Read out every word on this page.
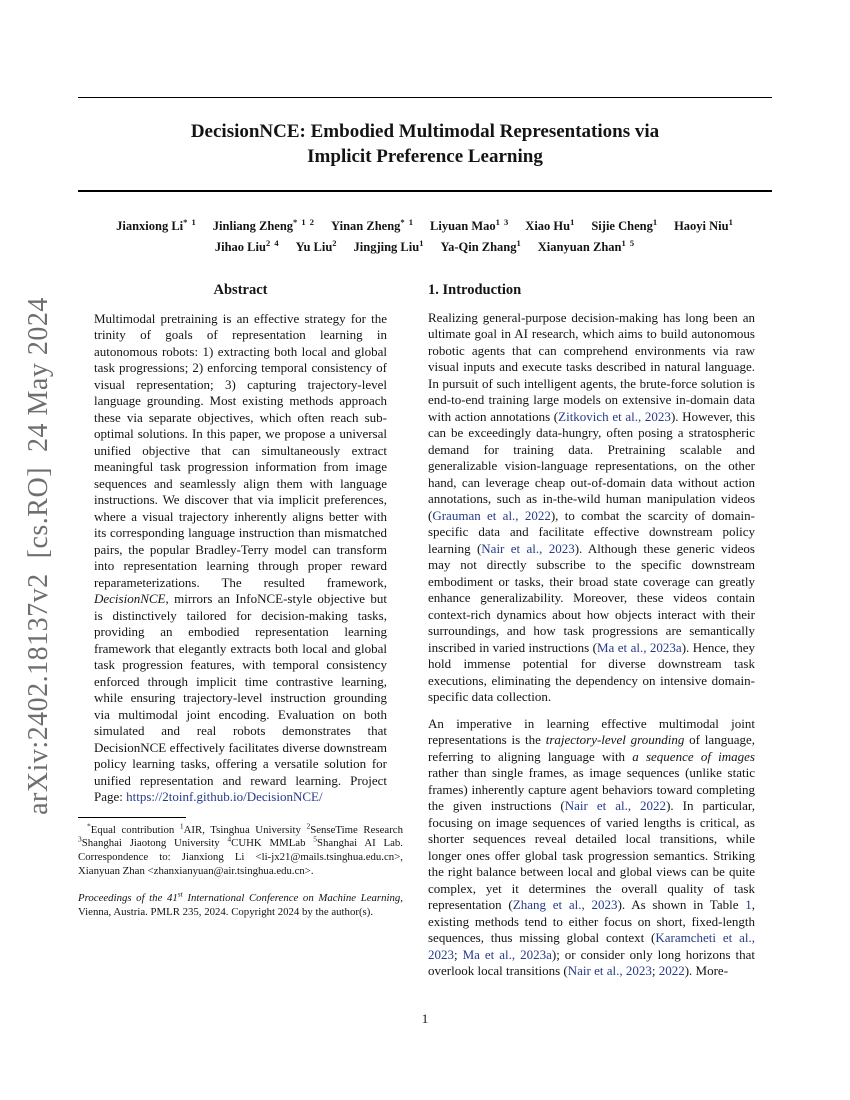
arXiv:2402.18137v2  [cs.RO]  24 May 2024
DecisionNCE: Embodied Multimodal Representations via
Implicit Preference Learning
Jianxiong Li$^{* 1}$ Jinliang Zheng$^{* 1 2}$ Yinan Zheng$^{* 1}$ Liyuan Mao$^{1 3}$ Xiao Hu$^1$ Sijie Cheng$^1$ Haoyi Niu$^1$
Jihao Liu$^{2 4}$ Yu Liu$^2$ Jingjing Liu$^1$ Ya-Qin Zhang$^1$ Xianyuan Zhan$^{1 5}$
Abstract
Multimodal pretraining is an effective strategy for the trinity of goals of representation learning in autonomous robots: 1) extracting both local and global task progressions; 2) enforcing temporal consistency of visual representation; 3) capturing trajectory-level language grounding. Most existing methods approach these via separate objectives, which often reach sub-optimal solutions. In this paper, we propose a universal unified objective that can simultaneously extract meaningful task progression information from image sequences and seamlessly align them with language instructions. We discover that via implicit preferences, where a visual trajectory inherently aligns better with its corresponding language instruction than mismatched pairs, the popular Bradley-Terry model can transform into representation learning through proper reward reparameterizations. The resulted framework, DecisionNCE, mirrors an InfoNCE-style objective but is distinctively tailored for decision-making tasks, providing an embodied representation learning framework that elegantly extracts both local and global task progression features, with temporal consistency enforced through implicit time contrastive learning, while ensuring trajectory-level instruction grounding via multimodal joint encoding. Evaluation on both simulated and real robots demonstrates that DecisionNCE effectively facilitates diverse downstream policy learning tasks, offering a versatile solution for unified representation and reward learning. Project Page: https://2toinf.github.io/DecisionNCE/
*Equal contribution $^1$AIR, Tsinghua University $^2$SenseTime Research $^3$Shanghai Jiaotong University $^4$CUHK MMLab $^5$Shanghai AI Lab. Correspondence to: Jianxiong Li <li-jx21@mails.tsinghua.edu.cn>, Xianyuan Zhan <zhanxianyuan@air.tsinghua.edu.cn>.
Proceedings of the 41st International Conference on Machine Learning, Vienna, Austria. PMLR 235, 2024. Copyright 2024 by the author(s).
1. Introduction
Realizing general-purpose decision-making has long been an ultimate goal in AI research, which aims to build autonomous robotic agents that can comprehend environments via raw visual inputs and execute tasks described in natural language. In pursuit of such intelligent agents, the brute-force solution is end-to-end training large models on extensive in-domain data with action annotations (Zitkovich et al., 2023). However, this can be exceedingly data-hungry, often posing a stratospheric demand for training data. Pretraining scalable and generalizable vision-language representations, on the other hand, can leverage cheap out-of-domain data without action annotations, such as in-the-wild human manipulation videos (Grauman et al., 2022), to combat the scarcity of domain-specific data and facilitate effective downstream policy learning (Nair et al., 2023). Although these generic videos may not directly subscribe to the specific downstream embodiment or tasks, their broad state coverage can greatly enhance generalizability. Moreover, these videos contain context-rich dynamics about how objects interact with their surroundings, and how task progressions are semantically inscribed in varied instructions (Ma et al., 2023a). Hence, they hold immense potential for diverse downstream task executions, eliminating the dependency on intensive domain-specific data collection.
An imperative in learning effective multimodal joint representations is the trajectory-level grounding of language, referring to aligning language with a sequence of images rather than single frames, as image sequences (unlike static frames) inherently capture agent behaviors toward completing the given instructions (Nair et al., 2022). In particular, focusing on image sequences of varied lengths is critical, as shorter sequences reveal detailed local transitions, while longer ones offer global task progression semantics. Striking the right balance between local and global views can be quite complex, yet it determines the overall quality of task representation (Zhang et al., 2023). As shown in Table 1, existing methods tend to either focus on short, fixed-length sequences, thus missing global context (Karamcheti et al., 2023; Ma et al., 2023a); or consider only long horizons that overlook local transitions (Nair et al., 2023; 2022). More-
1
